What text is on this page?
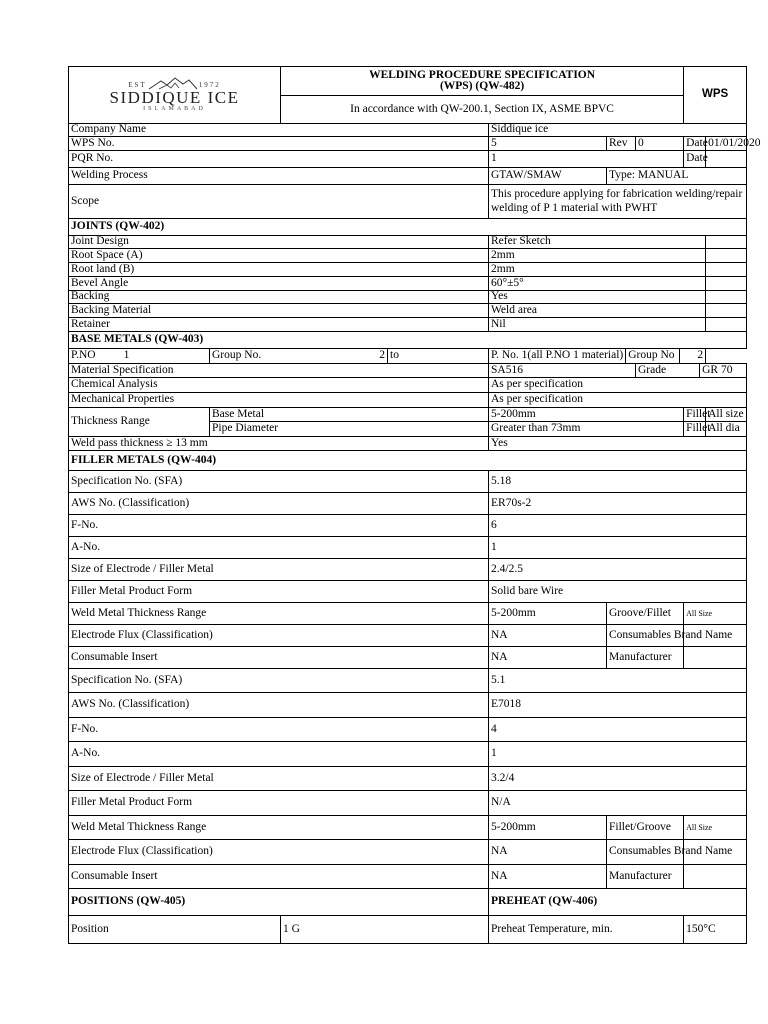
EST	1972
SIDDIQUE ICE
ISLAMABAD

WELDING PROCEDURE SPECIFICATION
(WPS) (QW-482)
	WPS
In accordance with QW-200.1, Section IX, ASME BPVC
Company Name	Siddique ice
WPS No.	5	Rev	0	Date	01/01/2020
PQR No.	1	Date	
Welding Process	GTAW/SMAW	Type: MANUAL
Scope	This procedure applying for fabrication welding/repair welding of P 1 material with PWHT
JOINTS (QW-402)
Joint Design	Refer Sketch	
Root Space (A)	2mm	
Root land (B)	2mm	
Bevel Angle	60°±5°	
Backing	Yes	
Backing Material	Weld area	
Retainer	Nil	
BASE METALS (QW-403)
P.NO 1	Group No.	2	to		P. No. 1(all P.NO 1 material)	Group No	2

Material Specification	SA516	Grade	GR 70
Chemical Analysis	As per specification
Mechanical Properties	As per specification
Thickness Range	Base Metal	5-200mm	Fillet	All size
Pipe Diameter	Greater than 73mm	Fillet	All dia
Weld pass thickness ≥ 13 mm	Yes
FILLER METALS (QW-404)
Specification No. (SFA)	5.18
AWS No. (Classification)	ER70s-2
F-No.	6
A-No.	1
Size of Electrode / Filler Metal	2.4/2.5
Filler Metal Product Form	Solid bare Wire
Weld Metal Thickness Range	5-200mm	Groove/Fillet	All Size
Electrode Flux (Classification)	NA	Consumables Brand Name	
Consumable Insert	NA	Manufacturer	
Specification No. (SFA)	5.1
AWS No. (Classification)	E7018
F-No.	4
A-No.	1
Size of Electrode / Filler Metal	3.2/4
Filler Metal Product Form	N/A
Weld Metal Thickness Range	5-200mm	Fillet/Groove	All Size
Electrode Flux (Classification)	NA	Consumables Brand Name	
Consumable Insert	NA	Manufacturer	
POSITIONS (QW-405)	PREHEAT (QW-406)
Position	1 G	Preheat Temperature, min.	150°C
